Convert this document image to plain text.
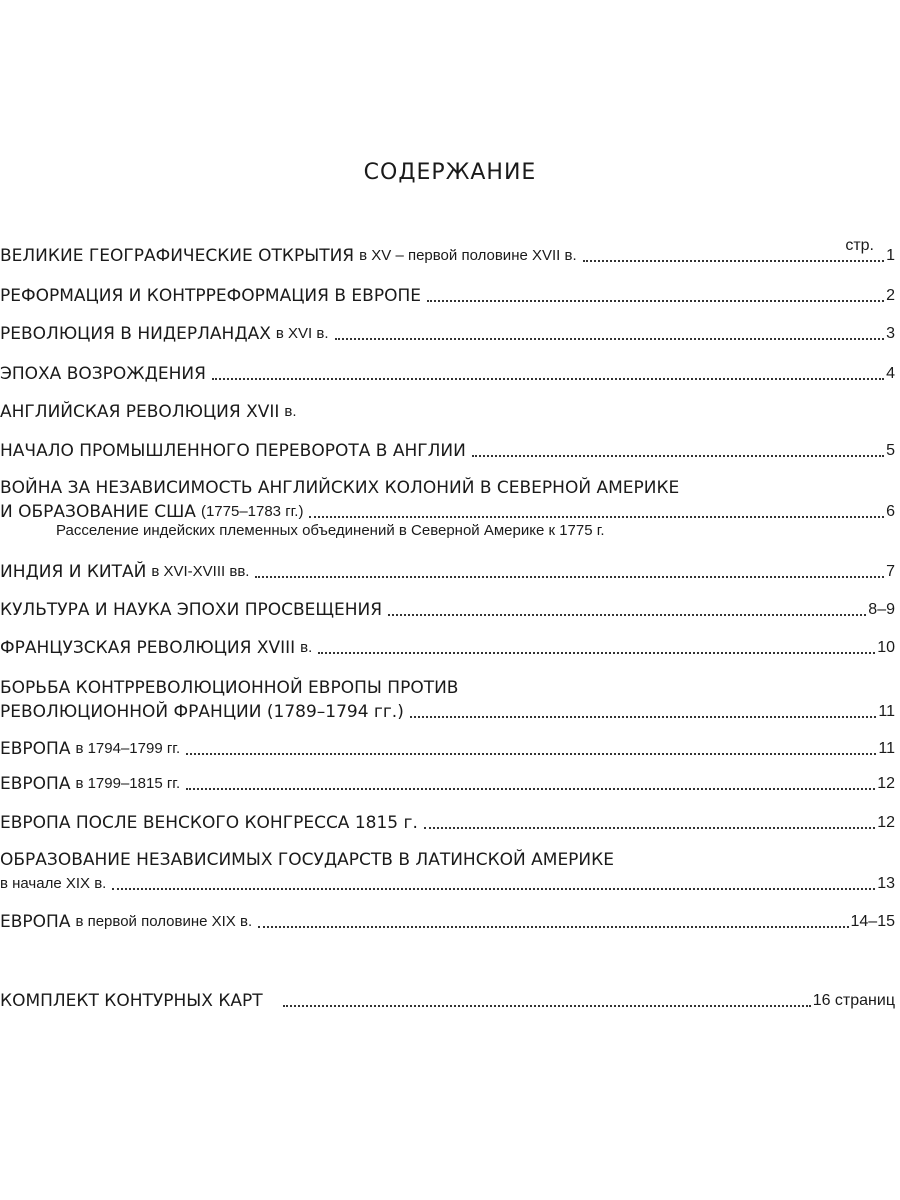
СОДЕРЖАНИЕ
стр.
ВЕЛИКИЕ ГЕОГРАФИЧЕСКИЕ ОТКРЫТИЯ в XV – первой половине XVII в.	1
РЕФОРМАЦИЯ И КОНТРРЕФОРМАЦИЯ В ЕВРОПЕ	2
РЕВОЛЮЦИЯ В НИДЕРЛАНДАХ в XVI в.	3
ЭПОХА ВОЗРОЖДЕНИЯ	4
АНГЛИЙСКАЯ РЕВОЛЮЦИЯ XVII в.
НАЧАЛО ПРОМЫШЛЕННОГО ПЕРЕВОРОТА В АНГЛИИ	5
ВОЙНА ЗА НЕЗАВИСИМОСТЬ АНГЛИЙСКИХ КОЛОНИЙ В СЕВЕРНОЙ АМЕРИКЕ
И ОБРАЗОВАНИЕ США (1775–1783 гг.)	6
Расселение индейских племенных объединений в Северной Америке к 1775 г.
ИНДИЯ И КИТАЙ в XVI-XVIII вв.	7
КУЛЬТУРА И НАУКА ЭПОХИ ПРОСВЕЩЕНИЯ	8–9
ФРАНЦУЗСКАЯ РЕВОЛЮЦИЯ XVIII в.	10
БОРЬБА КОНТРРЕВОЛЮЦИОННОЙ ЕВРОПЫ ПРОТИВ
РЕВОЛЮЦИОННОЙ ФРАНЦИИ (1789–1794 гг.)	11
ЕВРОПА в 1794–1799 гг.	11
ЕВРОПА в 1799–1815 гг.	12
ЕВРОПА ПОСЛЕ ВЕНСКОГО КОНГРЕССА 1815 г.	12
ОБРАЗОВАНИЕ НЕЗАВИСИМЫХ ГОСУДАРСТВ В ЛАТИНСКОЙ АМЕРИКЕ
в начале XIX в.	13
ЕВРОПА в первой половине XIX в.	14–15
КОМПЛЕКТ КОНТУРНЫХ КАРТ	16 страниц
